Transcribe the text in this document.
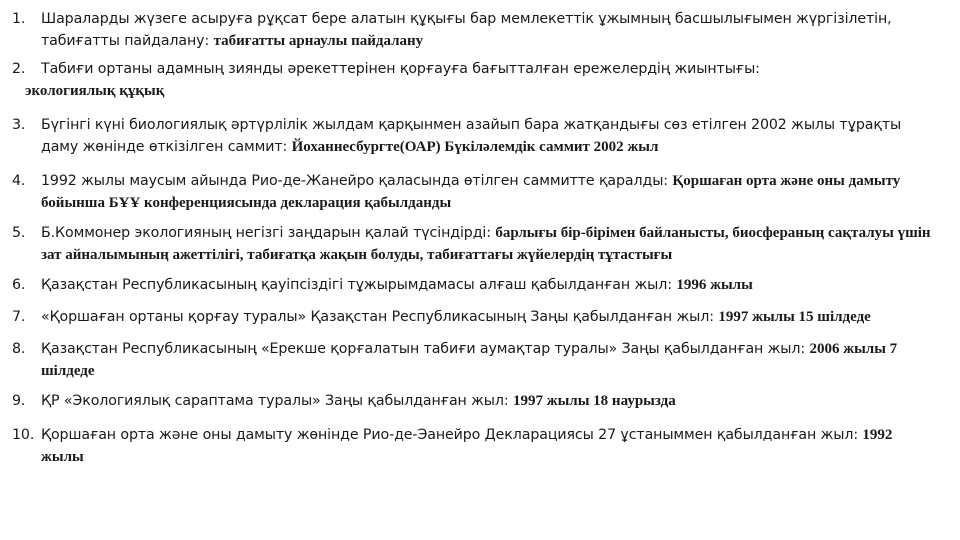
1.	Шараларды жүзеге асыруға рұқсат бере алатын құқығы бар мемлекеттік ұжымның басшылығымен жүргізілетін, табиғатты пайдалану: табиғатты арнаулы пайдалану
2.	Табиғи ортаны адамның зиянды әрекеттерінен қорғауға бағытталған ережелердің жиынтығы:
экологиялық құқық
3.	Бүгінгі күні биологиялық әртүрлілік жылдам қарқынмен азайып бара жатқандығы сөз етілген 2002 жылы тұрақты даму жөнінде өткізілген саммит: Йоханнесбургте(ОАР) Бүкіләлемдік саммит 2002 жыл
4.	1992 жылы маусым айында Рио-де-Жанейро қаласында өтілген саммитте қаралды: Қоршаған орта және оны дамыту бойынша БҰҰ конференциясында декларация қабылданды
5.	Б.Коммонер экологияның негізгі заңдарын қалай түсіндірді: барлығы бір-бірімен байланысты, биосфераның сақталуы үшін зат айналымының ажеттілігі, табиғатқа жақын болуды, табиғаттағы жүйелердің тұтастығы
6.	Қазақстан Республикасының қауіпсіздігі тұжырымдамасы алғаш қабылданған жыл: 1996 жылы
7.	«Қоршаған ортаны қорғау туралы» Қазақстан Республикасының Заңы қабылданған жыл: 1997 жылы 15 шілдеде
8.	Қазақстан Республикасының «Ерекше қорғалатын табиғи аумақтар туралы» Заңы қабылданған жыл: 2006 жылы 7 шілдеде
9.	ҚР «Экологиялық сараптама туралы» Заңы қабылданған жыл: 1997 жылы 18 наурызда
10. Қоршаған орта және оны дамыту жөнінде Рио-де-Эанейро Декларациясы 27 ұстаныммен қабылданған жыл: 1992 жылы
